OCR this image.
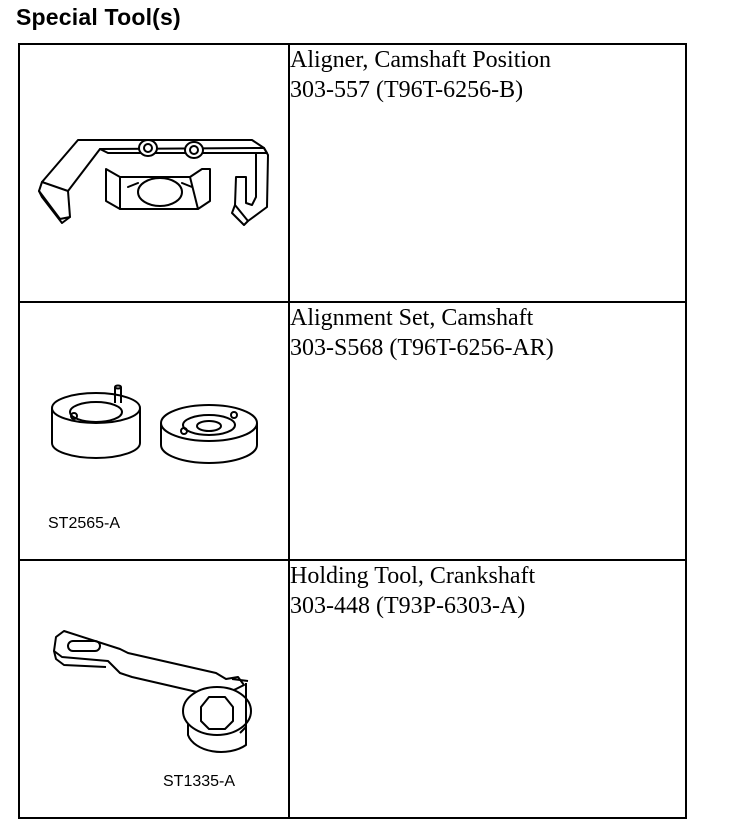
Special Tool(s)

Aligner, Camshaft Position
303-557 (T96T-6256-B)

ST2565-A	Alignment Set, Camshaft
303-S568 (T96T-6256-AR)

ST1335-A	Holding Tool, Crankshaft
303-448 (T93P-6303-A)
